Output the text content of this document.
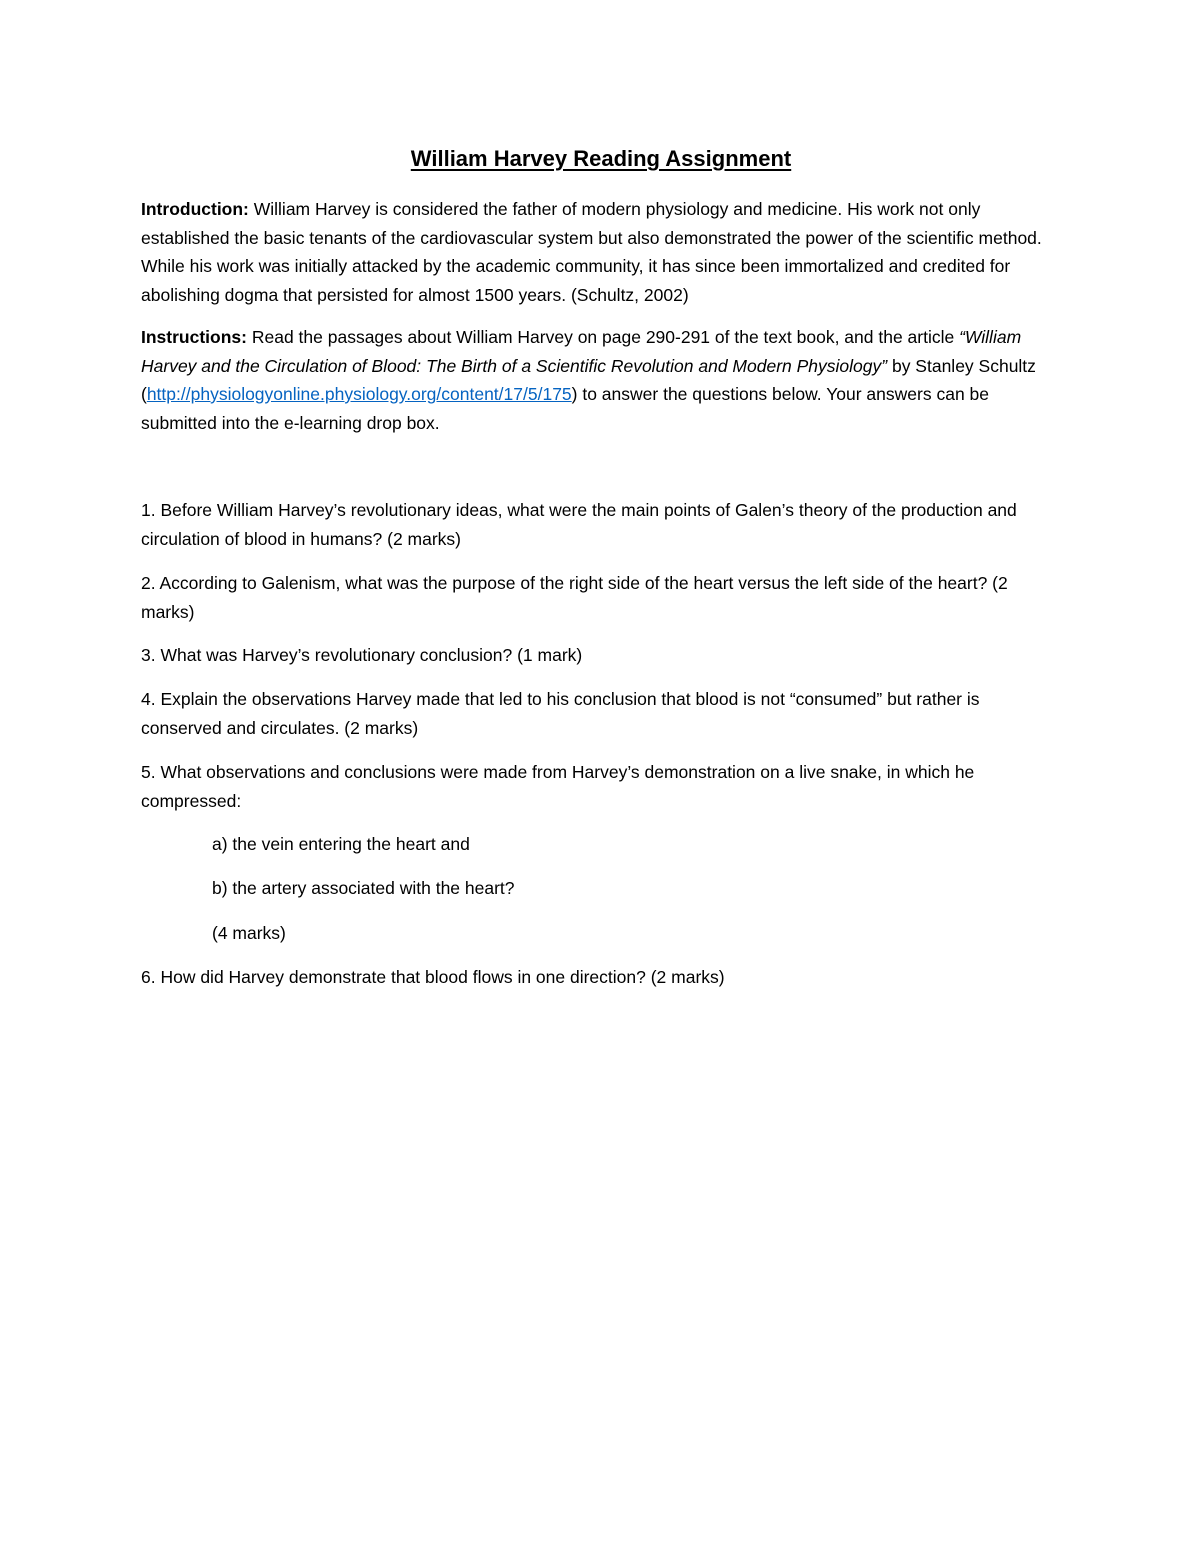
William Harvey Reading Assignment

Introduction: William Harvey is considered the father of modern physiology and medicine. His work not only established the basic tenants of the cardiovascular system but also demonstrated the power of the scientific method. While his work was initially attacked by the academic community, it has since been immortalized and credited for abolishing dogma that persisted for almost 1500 years. (Schultz, 2002)

Instructions: Read the passages about William Harvey on page 290-291 of the text book, and the article “William Harvey and the Circulation of Blood: The Birth of a Scientific Revolution and Modern Physiology” by Stanley Schultz (http://physiologyonline.physiology.org/content/17/5/175) to answer the questions below. Your answers can be submitted into the e-learning drop box.

1. Before William Harvey’s revolutionary ideas, what were the main points of Galen’s theory of the production and circulation of blood in humans? (2 marks)

2. According to Galenism, what was the purpose of the right side of the heart versus the left side of the heart? (2 marks)

3. What was Harvey’s revolutionary conclusion? (1 mark)

4. Explain the observations Harvey made that led to his conclusion that blood is not “consumed” but rather is conserved and circulates. (2 marks)

5. What observations and conclusions were made from Harvey’s demonstration on a live snake, in which he compressed:

a) the vein entering the heart and

b) the artery associated with the heart?

(4 marks)

6. How did Harvey demonstrate that blood flows in one direction? (2 marks)
